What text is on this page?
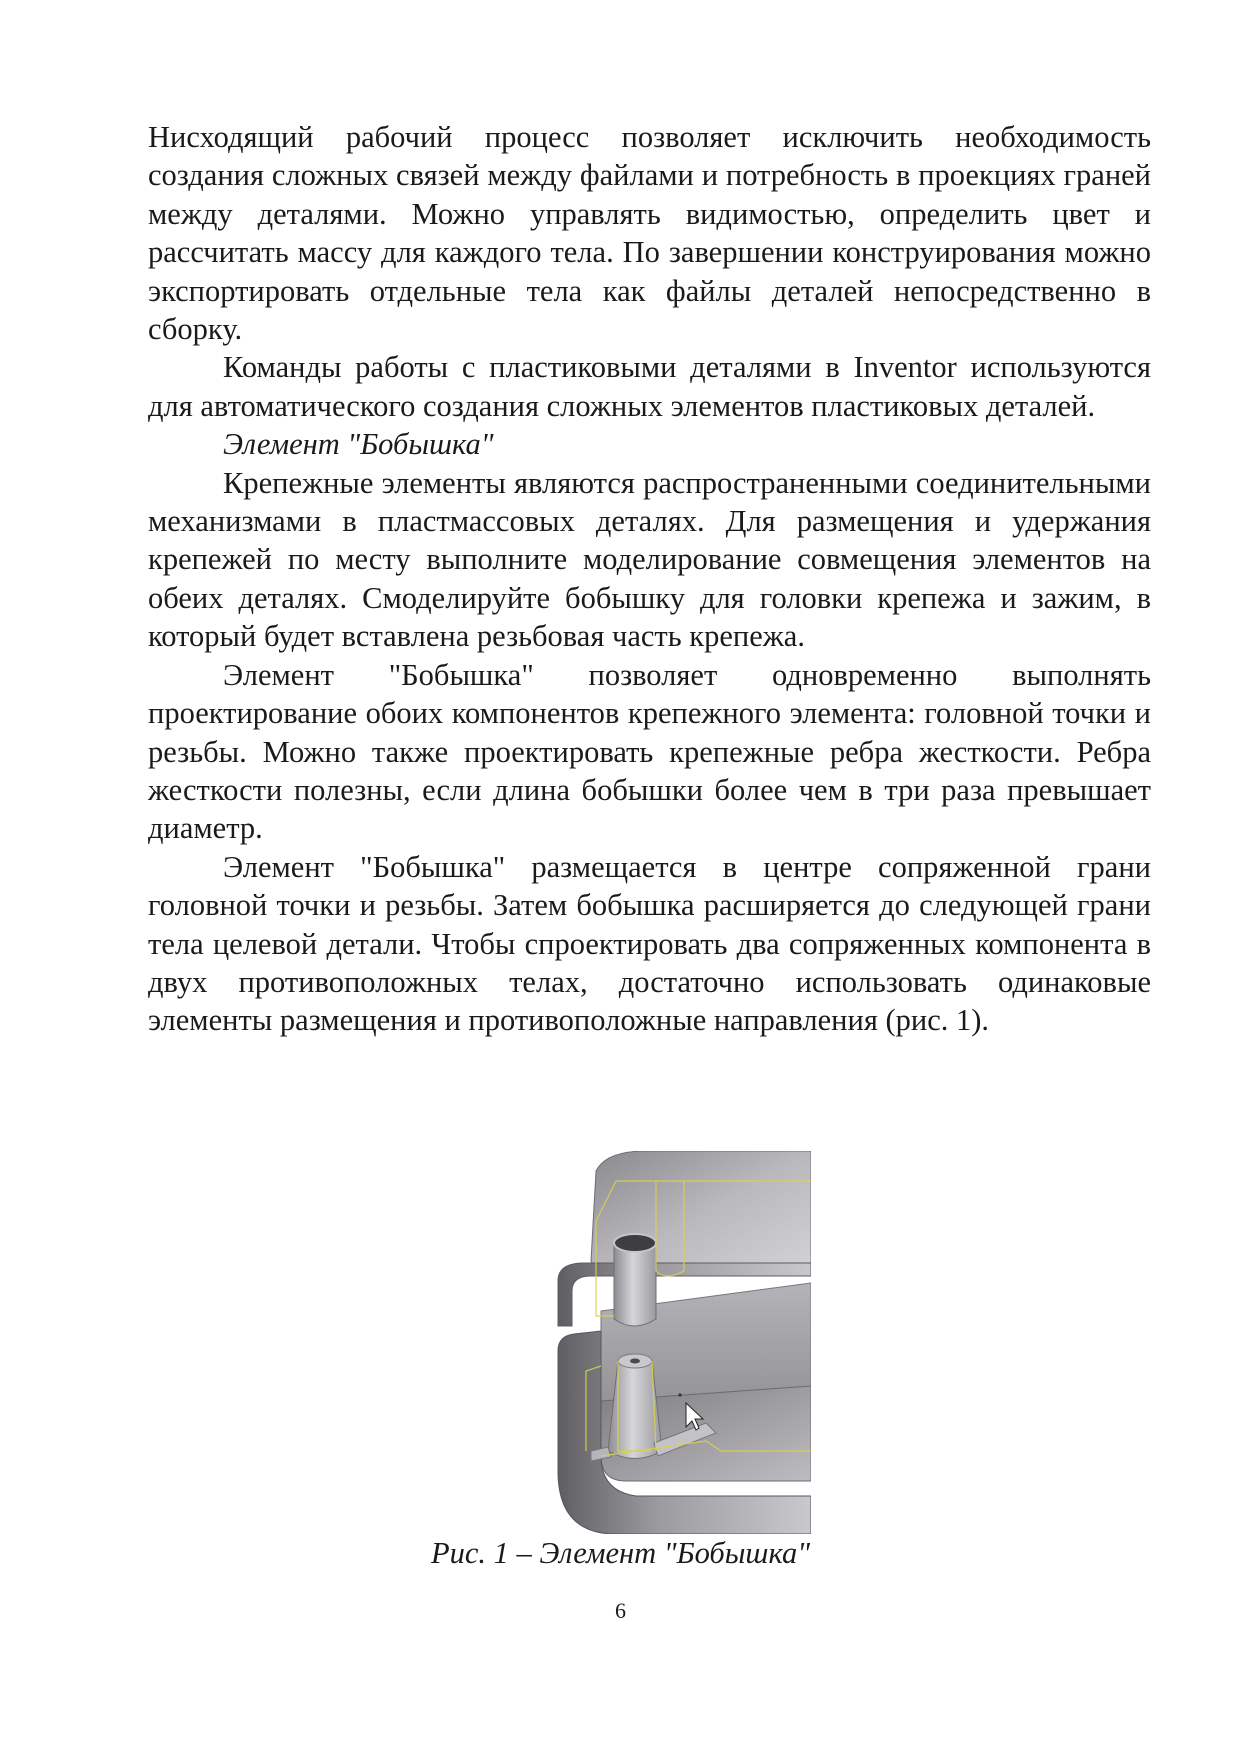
Нисходящий рабочий процесс позволяет исключить необходимость создания сложных связей между файлами и потребность в проекциях граней между деталями. Можно управлять видимостью, определить цвет и рассчитать массу для каждого тела. По завершении конструирования можно экспортировать отдельные тела как файлы деталей непосредственно в сборку.

Команды работы с пластиковыми деталями в Inventor используются для автоматического создания сложных элементов пластиковых деталей.

Элемент "Бобышка"

Крепежные элементы являются распространенными соединительными механизмами в пластмассовых деталях. Для размещения и удержания крепежей по месту выполните моделирование совмещения элементов на обеих деталях. Смоделируйте бобышку для головки крепежа и зажим, в который будет вставлена резьбовая часть крепежа.

Элемент "Бобышка" позволяет одновременно выполнять проектирование обоих компонентов крепежного элемента: головной точки и резьбы. Можно также проектировать крепежные ребра жесткости. Ребра жесткости полезны, если длина бобышки более чем в три раза превышает диаметр.

Элемент "Бобышка" размещается в центре сопряженной грани головной точки и резьбы. Затем бобышка расширяется до следующей грани тела целевой детали. Чтобы спроектировать два сопряженных компонента в двух противоположных телах, достаточно использовать одинаковые элементы размещения и противоположные направления (рис. 1).

Рис. 1 – Элемент "Бобышка"
6
